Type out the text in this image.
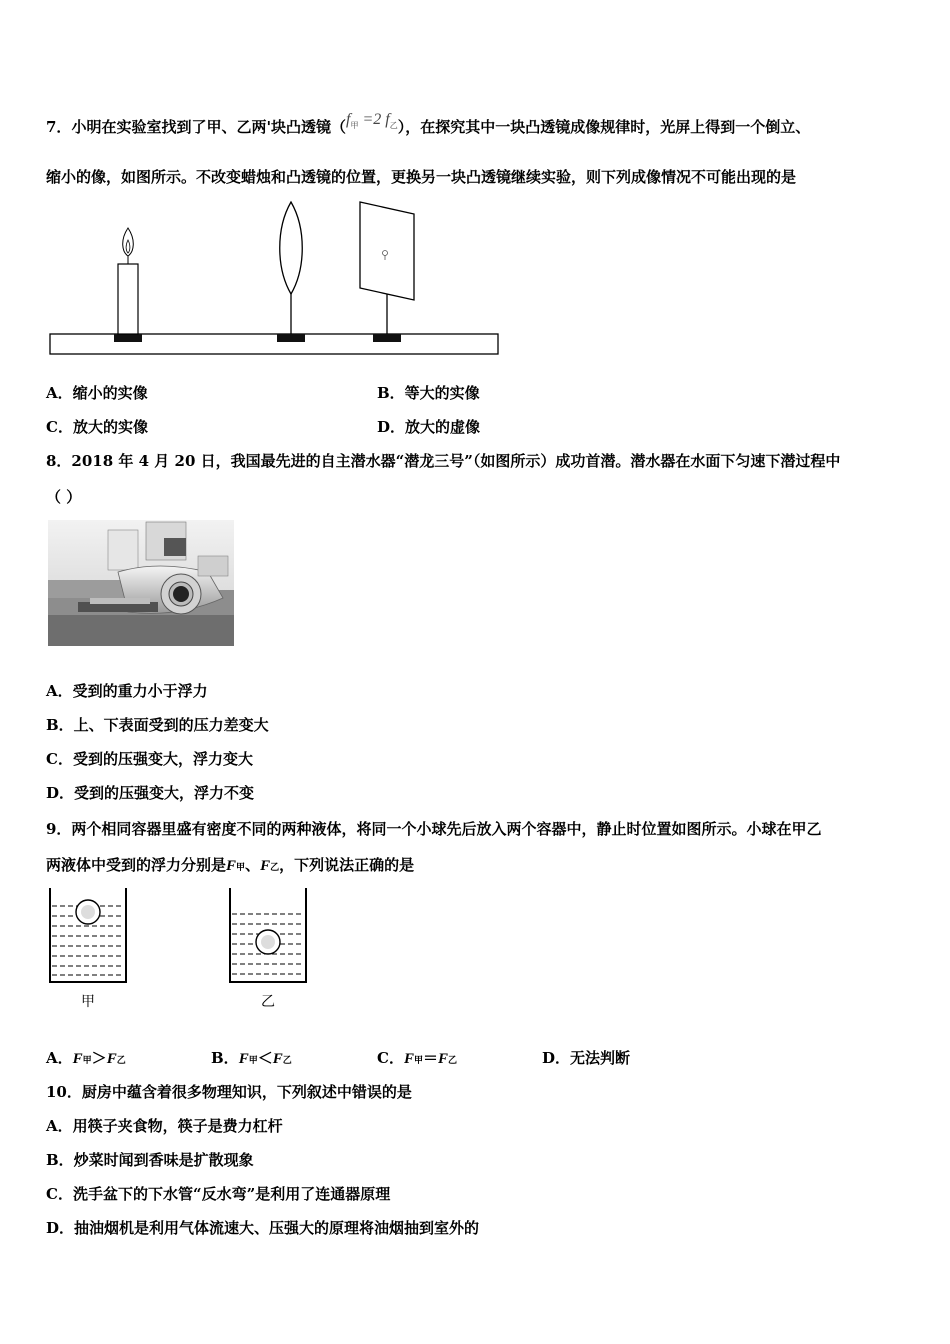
7．小明在实验室找到了甲、乙两'块凸透镜（$f_甲 =2$ $f_乙$），在探究其中一块凸透镜成像规律时，光屏上得到一个倒立、
缩小的像，如图所示。不改变蜡烛和凸透镜的位置，更换另一块凸透镜继续实验，则下列成像情况不可能出现的是
A．缩小的实像	B．等大的实像
C．放大的实像	D．放大的虚像
8．2018 年 4 月 20 日，我国最先进的自主潜水器“潜龙三号”（如图所示）成功首潜。潜水器在水面下匀速下潜过程中
（ ）
A．受到的重力小于浮力
B．上、下表面受到的压力差变大
C．受到的压强变大，浮力变大
D．受到的压强变大，浮力不变
9．两个相同容器里盛有密度不同的两种液体，将同一个小球先后放入两个容器中，静止时位置如图所示。小球在甲乙
两液体中受到的浮力分别是F甲、F乙，下列说法正确的是
甲	乙
A．F甲＞F乙	B．F甲＜F乙	C．F甲＝F乙	D．无法判断
10．厨房中蕴含着很多物理知识，下列叙述中错误的是
A．用筷子夹食物，筷子是费力杠杆
B．炒菜时闻到香味是扩散现象
C．洗手盆下的下水管“反水弯”是利用了连通器原理
D．抽油烟机是利用气体流速大、压强大的原理将油烟抽到室外的
